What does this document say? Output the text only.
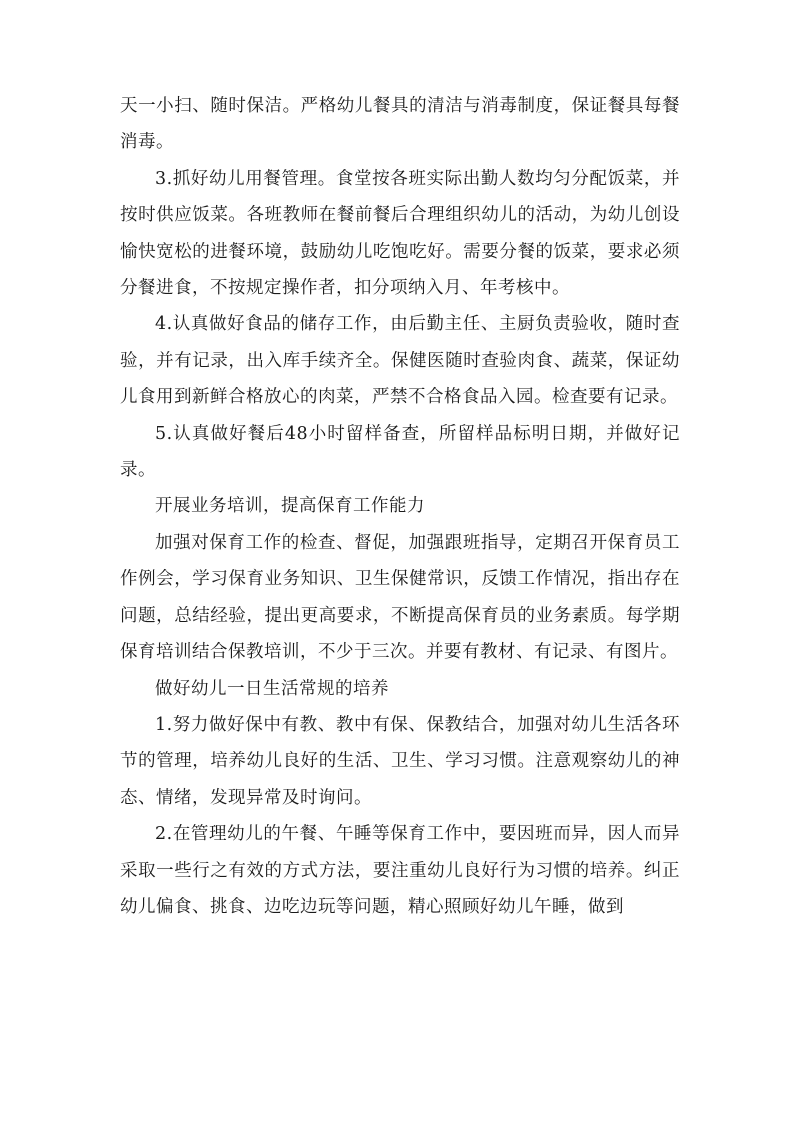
天一小扫、随时保洁。严格幼儿餐具的清洁与消毒制度，保证餐具每餐消毒。

3.抓好幼儿用餐管理。食堂按各班实际出勤人数均匀分配饭菜，并按时供应饭菜。各班教师在餐前餐后合理组织幼儿的活动，为幼儿创设愉快宽松的进餐环境，鼓励幼儿吃饱吃好。需要分餐的饭菜，要求必须分餐进食，不按规定操作者，扣分项纳入月、年考核中。

4.认真做好食品的储存工作，由后勤主任、主厨负责验收，随时查验，并有记录，出入库手续齐全。保健医随时查验肉食、蔬菜，保证幼儿食用到新鲜合格放心的肉菜，严禁不合格食品入园。检查要有记录。

5.认真做好餐后48小时留样备查，所留样品标明日期，并做好记录。

开展业务培训，提高保育工作能力

加强对保育工作的检查、督促，加强跟班指导，定期召开保育员工作例会，学习保育业务知识、卫生保健常识，反馈工作情况，指出存在问题，总结经验，提出更高要求，不断提高保育员的业务素质。每学期保育培训结合保教培训，不少于三次。并要有教材、有记录、有图片。

做好幼儿一日生活常规的培养

1.努力做好保中有教、教中有保、保教结合，加强对幼儿生活各环节的管理，培养幼儿良好的生活、卫生、学习习惯。注意观察幼儿的神态、情绪，发现异常及时询问。

2.在管理幼儿的午餐、午睡等保育工作中，要因班而异，因人而异采取一些行之有效的方式方法，要注重幼儿良好行为习惯的培养。纠正幼儿偏食、挑食、边吃边玩等问题，精心照顾好幼儿午睡，做到
